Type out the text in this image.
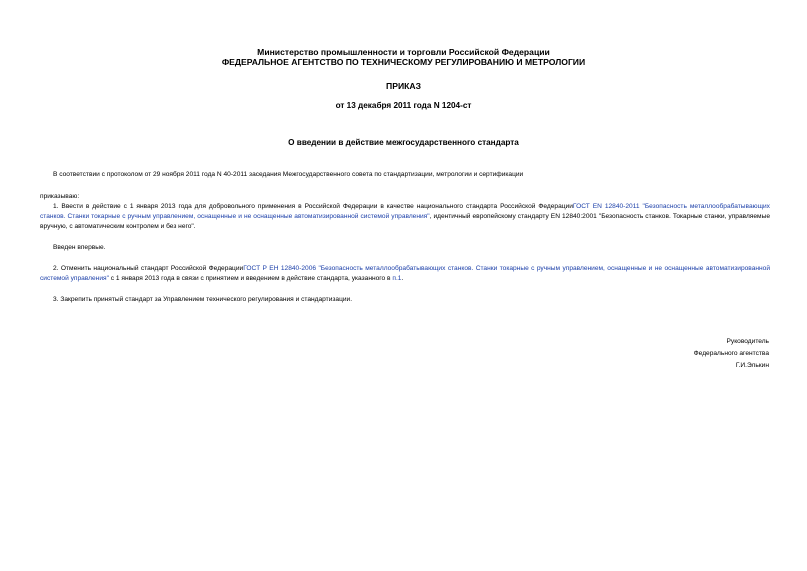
Министерство промышленности и торговли Российской Федерации
ФЕДЕРАЛЬНОЕ АГЕНТСТВО ПО ТЕХНИЧЕСКОМУ РЕГУЛИРОВАНИЮ И МЕТРОЛОГИИ
ПРИКАЗ
от 13 декабря 2011 года N 1204-ст
О введении в действие межгосударственного стандарта
В соответствии с протоколом от 29 ноября 2011 года N 40-2011 заседания Межгосударственного совета по стандартизации, метрологии и сертификации
приказываю:
1. Ввести в действие с 1 января 2013 года для добровольного применения в Российской Федерации в качестве национального стандарта Российской ФедерацииГОСТ EN 12840-2011 "Безопасность металлообрабатывающих станков. Станки токарные с ручным управлением, оснащенные и не оснащенные автоматизированной системой управления", идентичный европейскому стандарту EN 12840:2001 "Безопасность станков. Токарные станки, управляемые вручную, с автоматическим контролем и без него".
Введен впервые.
2. Отменить национальный стандарт Российской ФедерацииГОСТ Р ЕН 12840-2006 "Безопасность металлообрабатывающих станков. Станки токарные с ручным управлением, оснащенные и не оснащенные автоматизированной системой управления" с 1 января 2013 года в связи с принятием и введением в действие стандарта, указанного в п.1.
3. Закрепить принятый стандарт за Управлением технического регулирования и стандартизации.
Руководитель
Федерального агентства
Г.И.Элькин
